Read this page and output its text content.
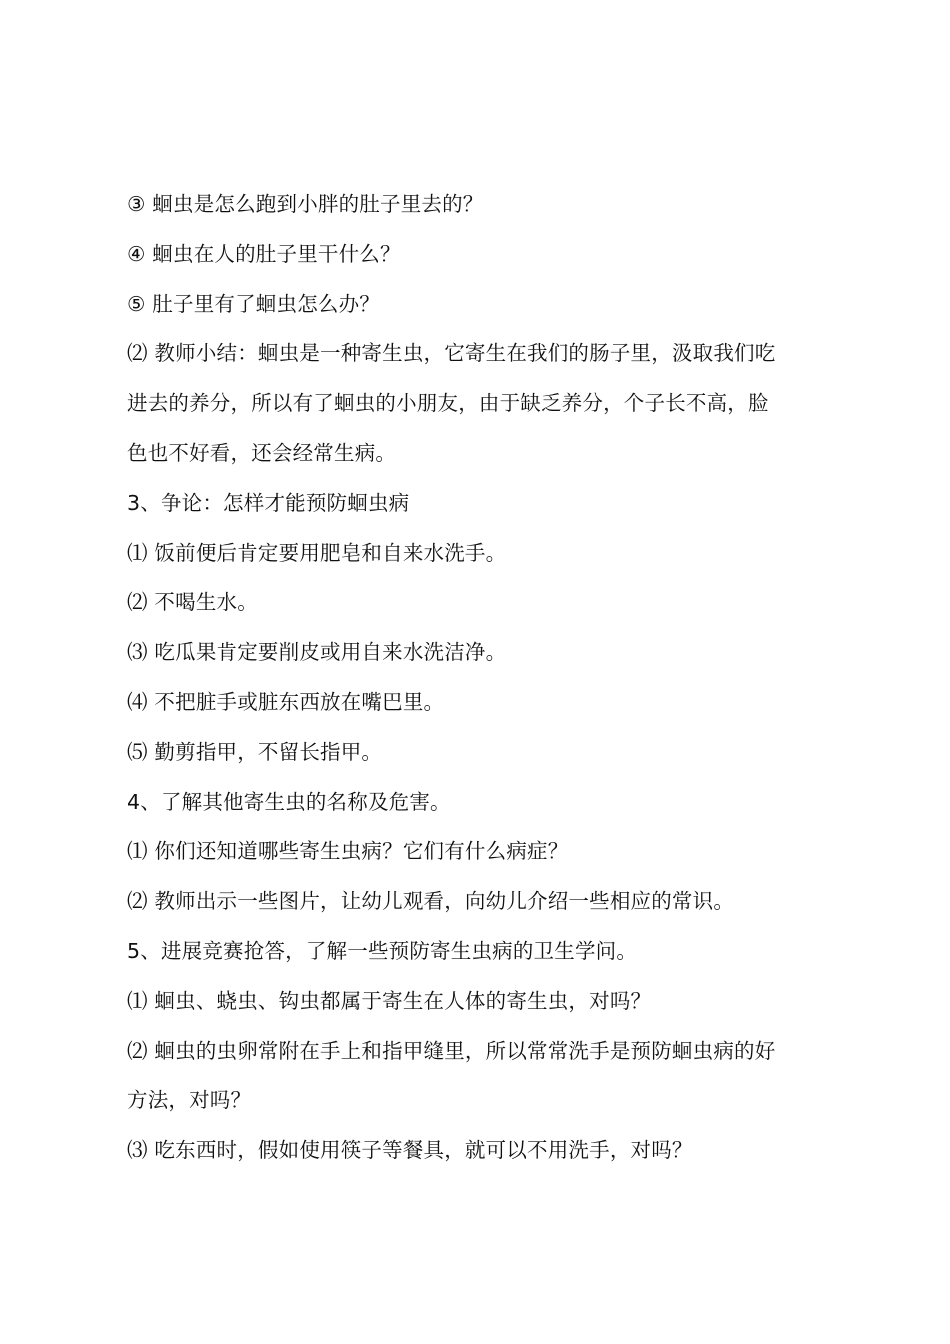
③ 蛔虫是怎么跑到小胖的肚子里去的？
④ 蛔虫在人的肚子里干什么？
⑤ 肚子里有了蛔虫怎么办？
⑵ 教师小结：蛔虫是一种寄生虫，它寄生在我们的肠子里，汲取我们吃
进去的养分，所以有了蛔虫的小朋友，由于缺乏养分，个子长不高，脸
色也不好看，还会经常生病。
3、争论：怎样才能预防蛔虫病
⑴ 饭前便后肯定要用肥皂和自来水洗手。
⑵ 不喝生水。
⑶ 吃瓜果肯定要削皮或用自来水洗洁净。
⑷ 不把脏手或脏东西放在嘴巴里。
⑸ 勤剪指甲，不留长指甲。
4、了解其他寄生虫的名称及危害。
⑴ 你们还知道哪些寄生虫病？它们有什么病症？
⑵ 教师出示一些图片，让幼儿观看，向幼儿介绍一些相应的常识。
5、进展竞赛抢答，了解一些预防寄生虫病的卫生学问。
⑴ 蛔虫、蛲虫、钩虫都属于寄生在人体的寄生虫，对吗？
⑵ 蛔虫的虫卵常附在手上和指甲缝里，所以常常洗手是预防蛔虫病的好
方法，对吗？
⑶ 吃东西时，假如使用筷子等餐具，就可以不用洗手，对吗？
